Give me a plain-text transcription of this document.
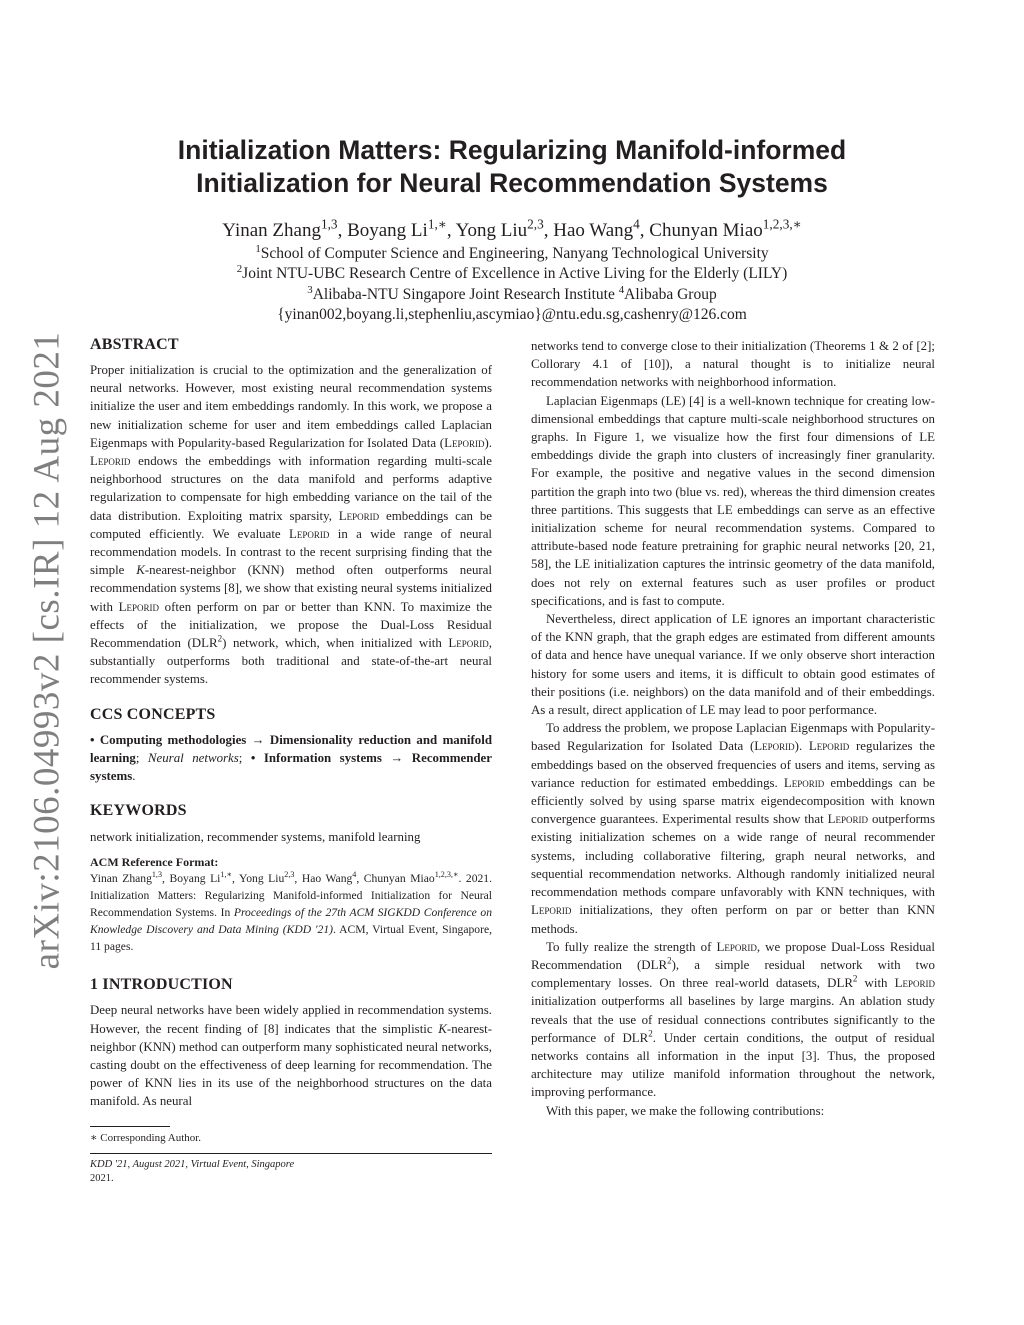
arXiv:2106.04993v2 [cs.IR] 12 Aug 2021
Initialization Matters: Regularizing Manifold-informed
Initialization for Neural Recommendation Systems
Yinan Zhang$^{1,3}$, Boyang $Li^{1,∗}$, Yong Liu$^{2,3}$, Hao Wang$^4$, Chunyan Miao$^{1,2,3,∗}$
$^1$School of Computer Science and Engineering, Nanyang Technological University
$^2$Joint NTU-UBC Research Centre of Excellence in Active Living for the Elderly (LILY)
$^3$Alibaba-NTU Singapore Joint Research Institute $^4$Alibaba Group
{yinan002,boyang.li,stephenliu,ascymiao}@ntu.edu.sg,cashenry@126.com
ABSTRACT

Proper initialization is crucial to the optimization and the generalization of neural networks. However, most existing neural recommendation systems initialize the user and item embeddings randomly. In this work, we propose a new initialization scheme for user and item embeddings called Laplacian Eigenmaps with Popularity-based Regularization for Isolated Data (Leporid). Leporid endows the embeddings with information regarding multi-scale neighborhood structures on the data manifold and performs adaptive regularization to compensate for high embedding variance on the tail of the data distribution. Exploiting matrix sparsity, Leporid embeddings can be computed efficiently. We evaluate Leporid in a wide range of neural recommendation models. In contrast to the recent surprising finding that the simple K-nearest-neighbor (KNN) method often outperforms neural recommendation systems [8], we show that existing neural systems initialized with Leporid often perform on par or better than KNN. To maximize the effects of the initialization, we propose the Dual-Loss Residual Recommendation (DLR$^2$) network, which, when initialized with Leporid, substantially outperforms both traditional and state-of-the-art neural recommender systems.

CCS CONCEPTS

• Computing methodologies → Dimensionality reduction and manifold learning; Neural networks; • Information systems → Recommender systems.

KEYWORDS

network initialization, recommender systems, manifold learning

ACM Reference Format:

Yinan Zhang$^{1,3}$, Boyang $Li^{1,∗}$, Yong Liu$^{2,3}$, Hao Wang$^4$, Chunyan Miao$^{1,2,3,∗}$. 2021. Initialization Matters: Regularizing Manifold-informed Initialization for Neural Recommendation Systems. In Proceedings of the 27th ACM SIGKDD Conference on Knowledge Discovery and Data Mining (KDD '21). ACM, Virtual Event, Singapore, 11 pages.

1 INTRODUCTION

Deep neural networks have been widely applied in recommendation systems. However, the recent finding of [8] indicates that the simplistic K-nearest-neighbor (KNN) method can outperform many sophisticated neural networks, casting doubt on the effectiveness of deep learning for recommendation. The power of KNN lies in its use of the neighborhood structures on the data manifold. As neural

∗ Corresponding Author.
KDD '21, August 2021, Virtual Event, Singapore
2021.

networks tend to converge close to their initialization (Theorems 1 & 2 of [2]; Collorary 4.1 of [10]), a natural thought is to initialize neural recommendation networks with neighborhood information.

Laplacian Eigenmaps (LE) [4] is a well-known technique for creating low-dimensional embeddings that capture multi-scale neighborhood structures on graphs. In Figure 1, we visualize how the first four dimensions of LE embeddings divide the graph into clusters of increasingly finer granularity. For example, the positive and negative values in the second dimension partition the graph into two (blue vs. red), whereas the third dimension creates three partitions. This suggests that LE embeddings can serve as an effective initialization scheme for neural recommendation systems. Compared to attribute-based node feature pretraining for graphic neural networks [20, 21, 58], the LE initialization captures the intrinsic geometry of the data manifold, does not rely on external features such as user profiles or product specifications, and is fast to compute.

Nevertheless, direct application of LE ignores an important characteristic of the KNN graph, that the graph edges are estimated from different amounts of data and hence have unequal variance. If we only observe short interaction history for some users and items, it is difficult to obtain good estimates of their positions (i.e. neighbors) on the data manifold and of their embeddings. As a result, direct application of LE may lead to poor performance.

To address the problem, we propose Laplacian Eigenmaps with Popularity-based Regularization for Isolated Data (Leporid). Leporid regularizes the embeddings based on the observed frequencies of users and items, serving as variance reduction for estimated embeddings. Leporid embeddings can be efficiently solved by using sparse matrix eigendecomposition with known convergence guarantees. Experimental results show that Leporid outperforms existing initialization schemes on a wide range of neural recommender systems, including collaborative filtering, graph neural networks, and sequential recommendation networks. Although randomly initialized neural recommendation methods compare unfavorably with KNN techniques, with Leporid initializations, they often perform on par or better than KNN methods.

To fully realize the strength of Leporid, we propose Dual-Loss Residual Recommendation (DLR$^2$), a simple residual network with two complementary losses. On three real-world datasets, DLR$^2$ with Leporid initialization outperforms all baselines by large margins. An ablation study reveals that the use of residual connections contributes significantly to the performance of DLR$^2$. Under certain conditions, the output of residual networks contains all information in the input [3]. Thus, the proposed architecture may utilize manifold information throughout the network, improving performance.

With this paper, we make the following contributions:
